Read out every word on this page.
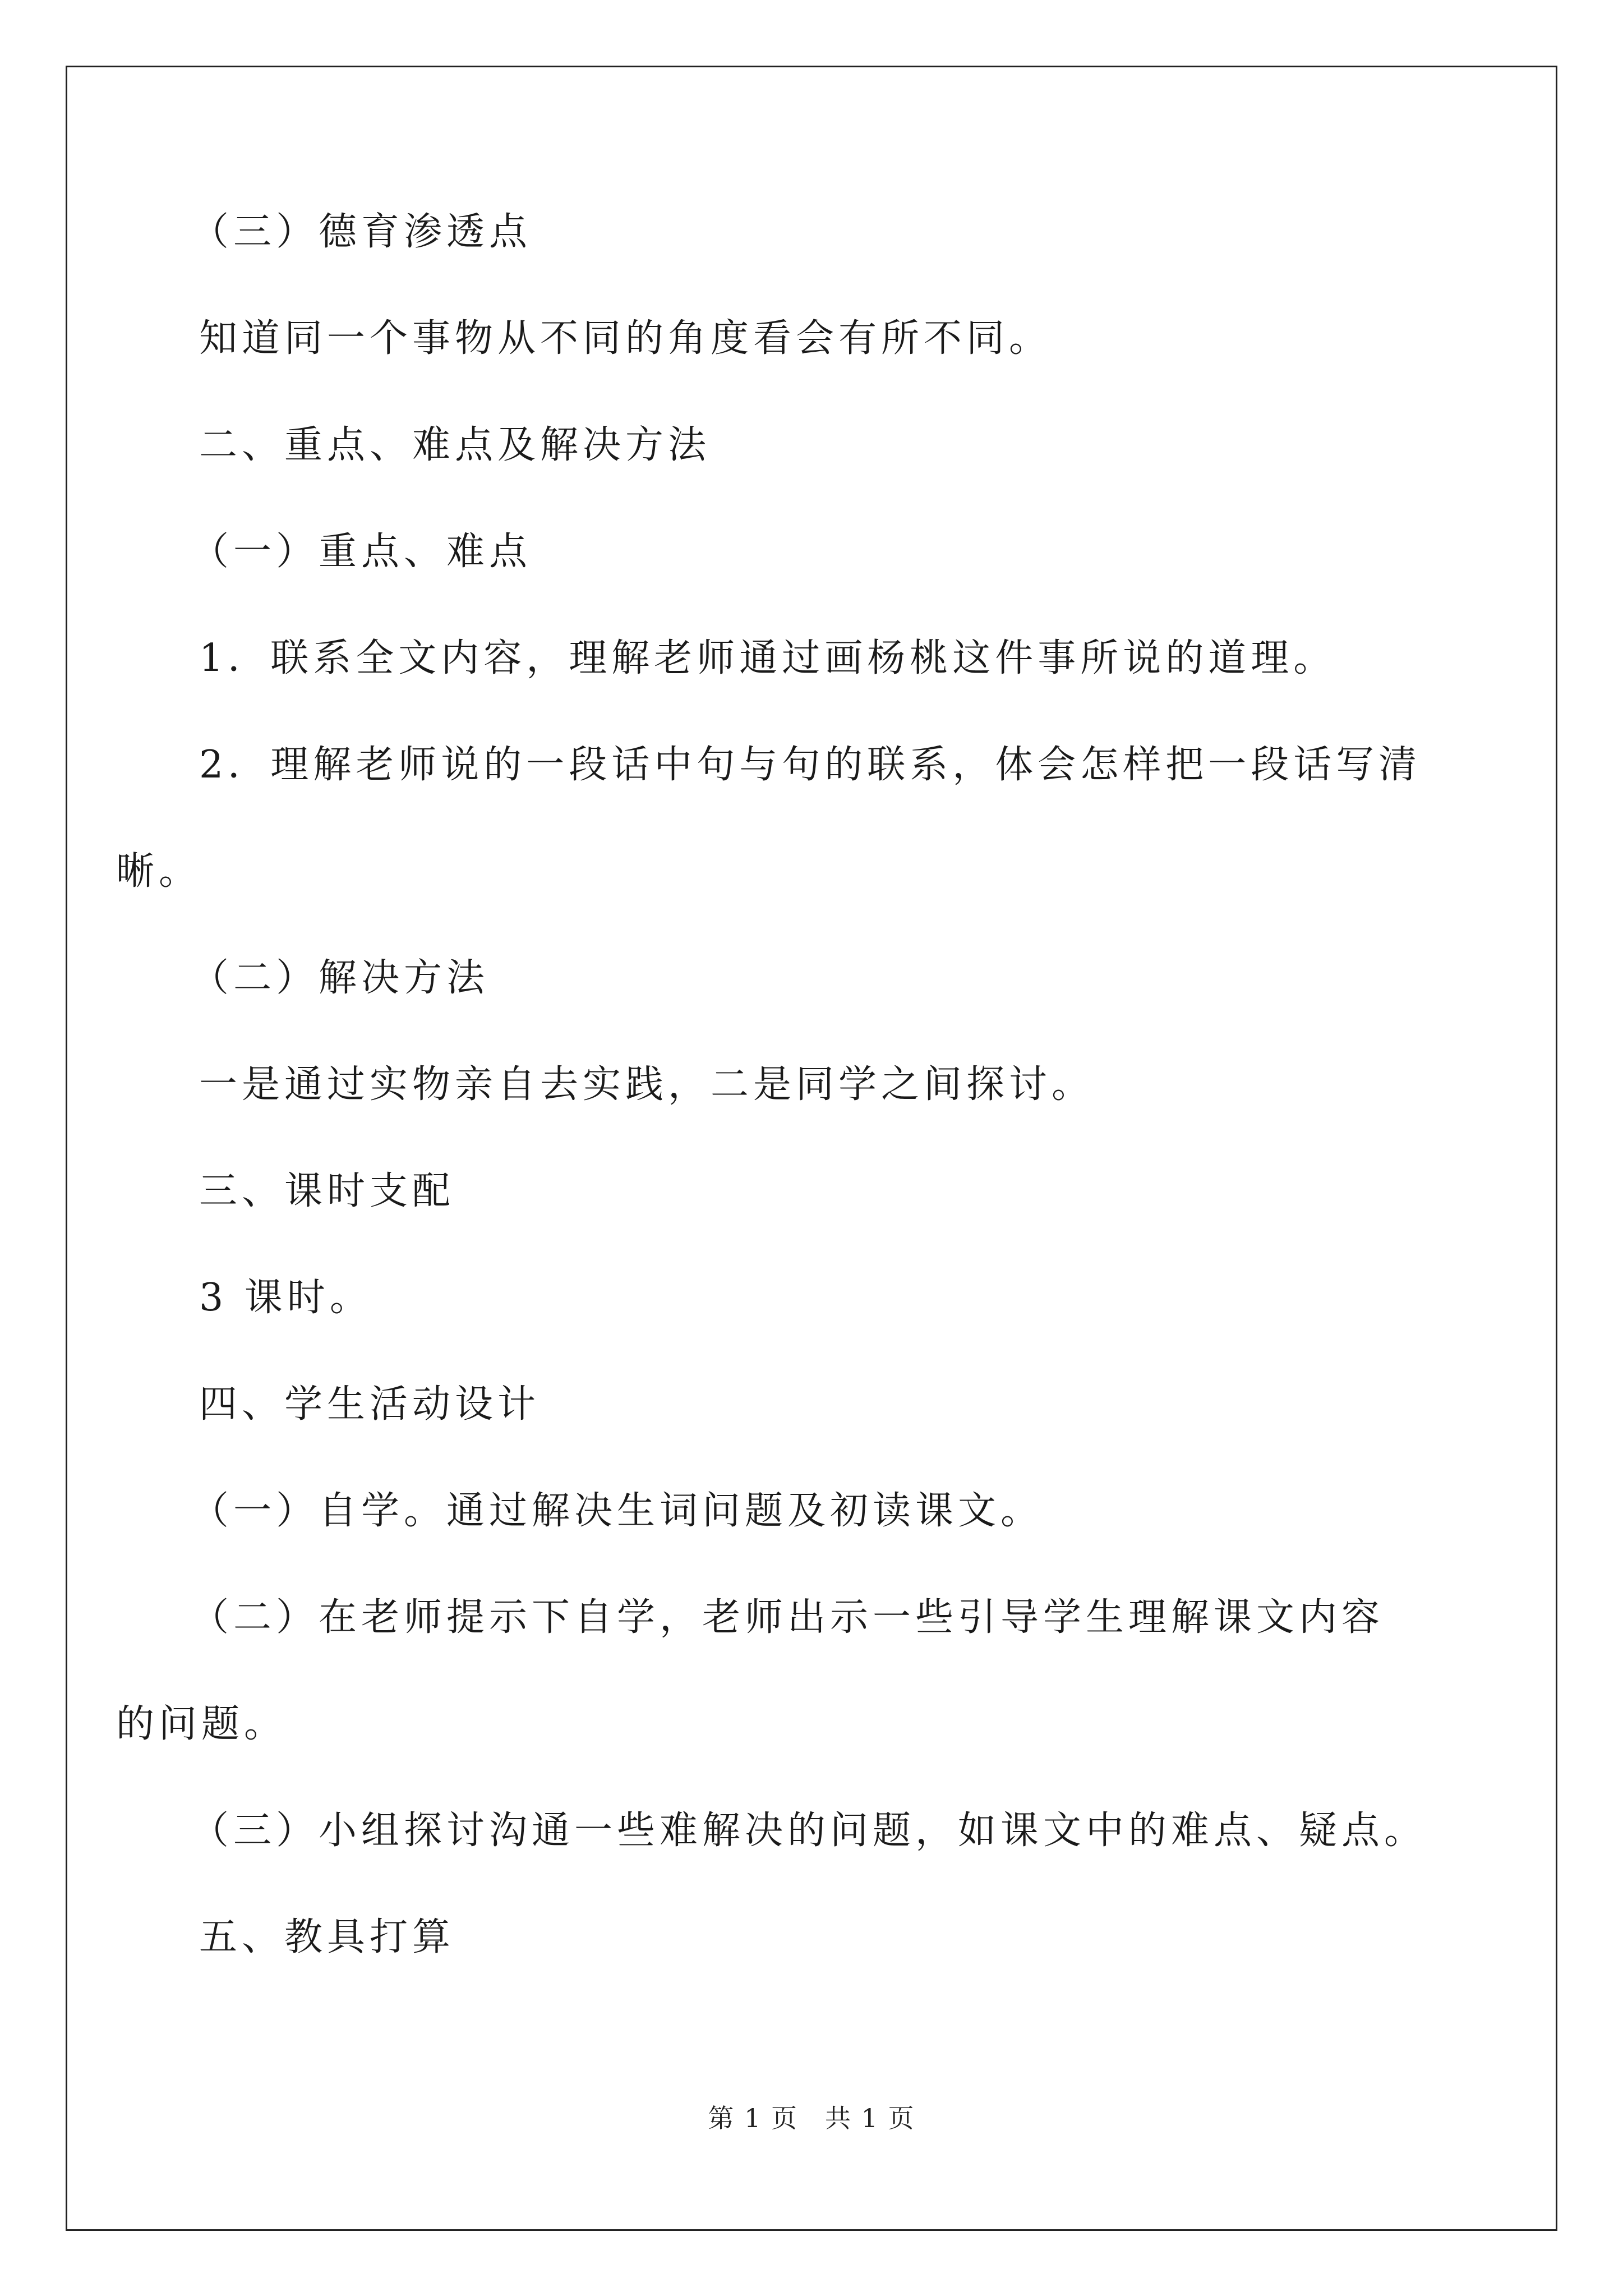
（三）德育渗透点
知道同一个事物从不同的角度看会有所不同。
二、重点、难点及解决方法
（一）重点、难点
1．联系全文内容，理解老师通过画杨桃这件事所说的道理。
2．理解老师说的一段话中句与句的联系，体会怎样把一段话写清
晰。
（二）解决方法
一是通过实物亲自去实践，二是同学之间探讨。
三、课时支配
3 课时。
四、学生活动设计
（一）自学。通过解决生词问题及初读课文。
（二）在老师提示下自学，老师出示一些引导学生理解课文内容
的问题。
（三）小组探讨沟通一些难解决的问题，如课文中的难点、疑点。
五、教具打算
第 1 页　共 1 页
